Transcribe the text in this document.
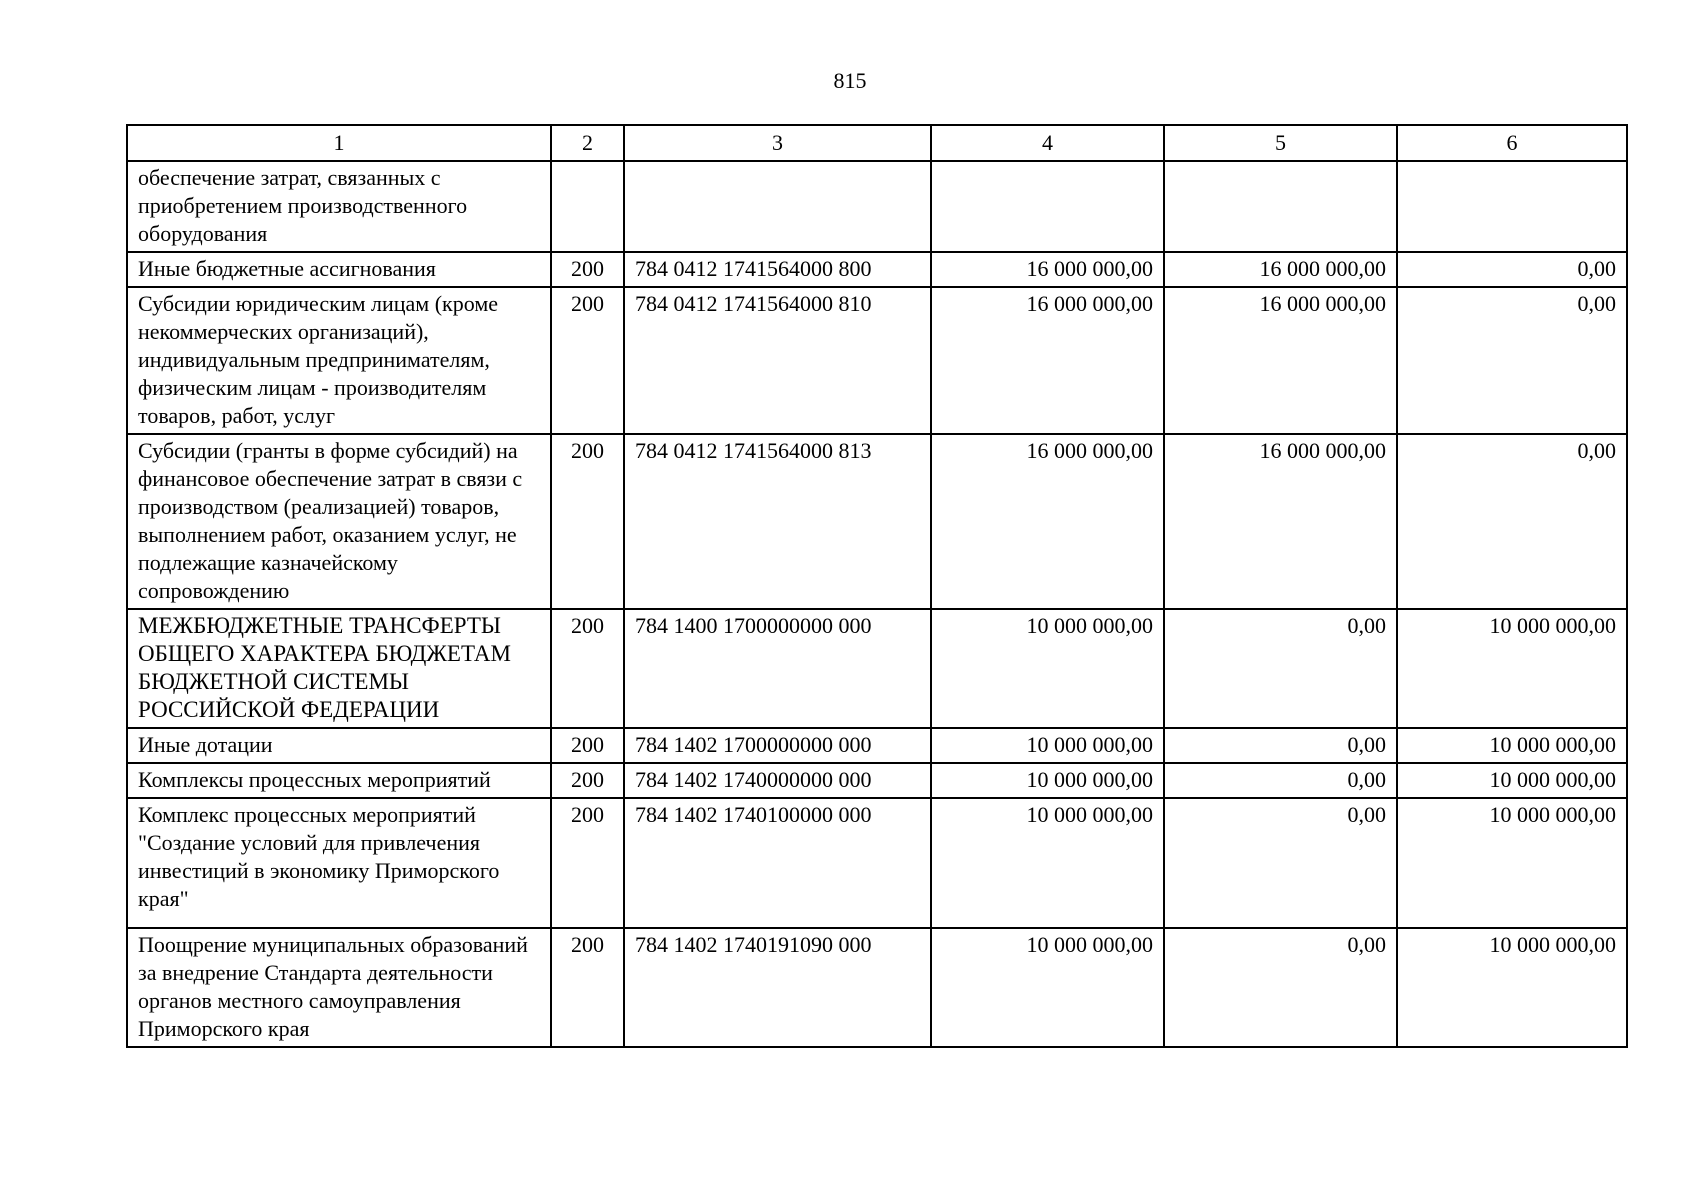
815
1	2	3	4	5	6
обеспечение затрат, связанных с приобретением производственного оборудования					
Иные бюджетные ассигнования	200	784 0412 1741564000 800	16 000 000,00	16 000 000,00	0,00
Субсидии юридическим лицам (кроме некоммерческих организаций), индивидуальным предпринимателям, физическим лицам - производителям товаров, работ, услуг	200	784 0412 1741564000 810	16 000 000,00	16 000 000,00	0,00
Субсидии (гранты в форме субсидий) на финансовое обеспечение затрат в связи с производством (реализацией) товаров, выполнением работ, оказанием услуг, не подлежащие казначейскому сопровождению	200	784 0412 1741564000 813	16 000 000,00	16 000 000,00	0,00
МЕЖБЮДЖЕТНЫЕ ТРАНСФЕРТЫ ОБЩЕГО ХАРАКТЕРА БЮДЖЕТАМ БЮДЖЕТНОЙ СИСТЕМЫ РОССИЙСКОЙ ФЕДЕРАЦИИ	200	784 1400 1700000000 000	10 000 000,00	0,00	10 000 000,00
Иные дотации	200	784 1402 1700000000 000	10 000 000,00	0,00	10 000 000,00
Комплексы процессных мероприятий	200	784 1402 1740000000 000	10 000 000,00	0,00	10 000 000,00
Комплекс процессных мероприятий "Создание условий для привлечения инвестиций в экономику Приморского края"	200	784 1402 1740100000 000	10 000 000,00	0,00	10 000 000,00
Поощрение муниципальных образований за внедрение Стандарта деятельности органов местного самоуправления Приморского края	200	784 1402 1740191090 000	10 000 000,00	0,00	10 000 000,00
